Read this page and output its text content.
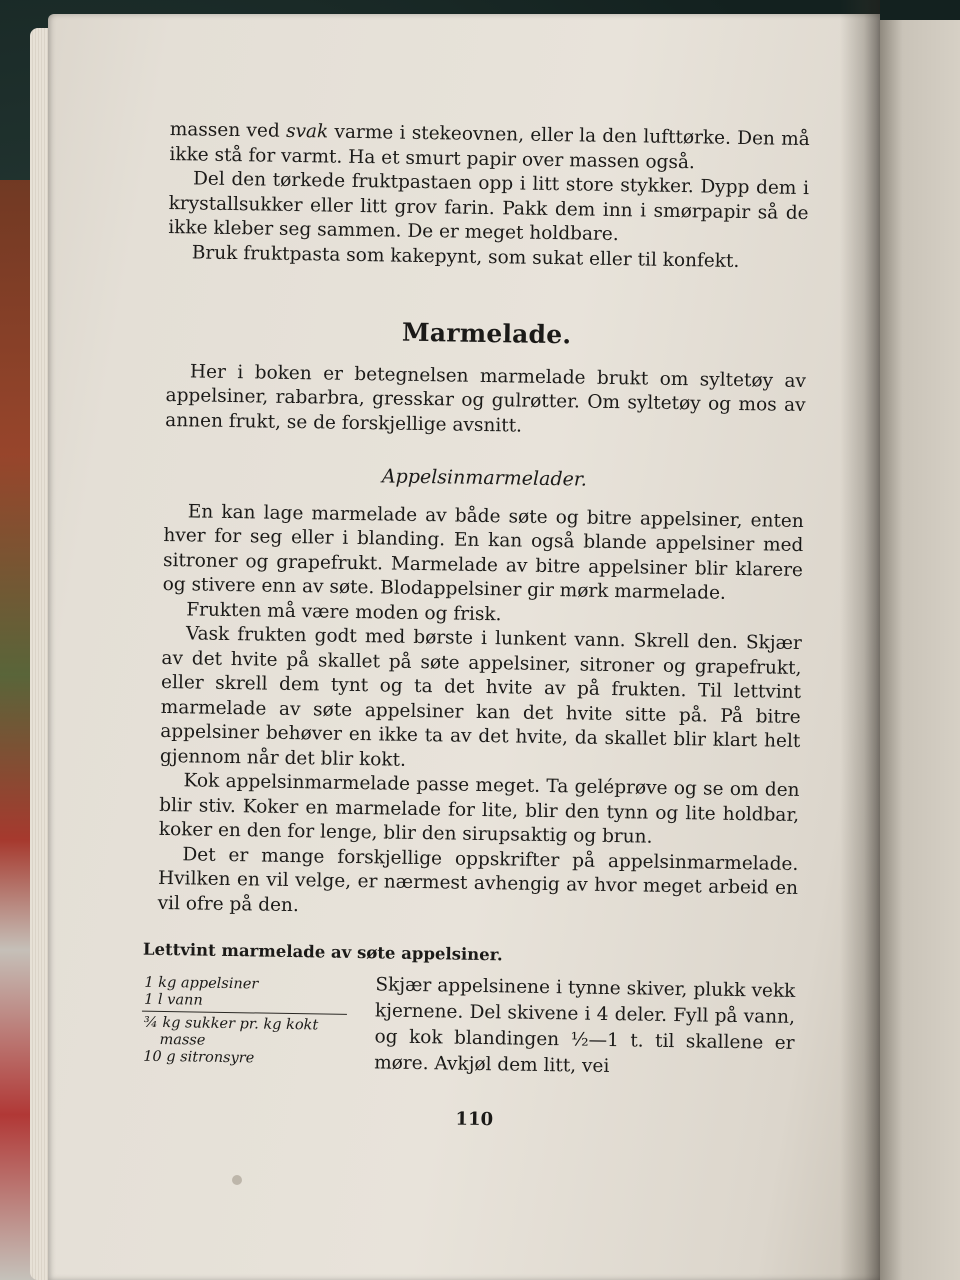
massen ved svak varme i stekeovnen, eller la den lufttørke. Den må ikke stå for varmt. Ha et smurt papir over massen også.

Del den tørkede fruktpastaen opp i litt store stykker. Dypp dem i krystallsukker eller litt grov farin. Pakk dem inn i smørpapir så de ikke kleber seg sammen. De er meget holdbare.

Bruk fruktpasta som kakepynt, som sukat eller til konfekt.

Marmelade.

Her i boken er betegnelsen marmelade brukt om syltetøy av appelsiner, rabarbra, gresskar og gulrøtter. Om syltetøy og mos av annen frukt, se de forskjellige avsnitt.

Appelsinmarmelader.

En kan lage marmelade av både søte og bitre appelsiner, enten hver for seg eller i blanding. En kan også blande appelsiner med sitroner og grapefrukt. Marmelade av bitre appelsiner blir klarere og stivere enn av søte. Blodappelsiner gir mørk marmelade.

Frukten må være moden og frisk.

Vask frukten godt med børste i lunkent vann. Skrell den. Skjær av det hvite på skallet på søte appelsiner, sitroner og grapefrukt, eller skrell dem tynt og ta det hvite av på frukten. Til lettvint marmelade av søte appelsiner kan det hvite sitte på. På bitre appelsiner behøver en ikke ta av det hvite, da skallet blir klart helt gjennom når det blir kokt.

Kok appelsinmarmelade passe meget. Ta geléprøve og se om den blir stiv. Koker en marmelade for lite, blir den tynn og lite holdbar, koker en den for lenge, blir den sirupsaktig og brun.

Det er mange forskjellige oppskrifter på appelsinmarmelade. Hvilken en vil velge, er nærmest avhengig av hvor meget arbeid en vil ofre på den.

Lettvint marmelade av søte appelsiner.
1 kg appelsiner
1 l vann
¾ kg sukker pr. kg kokt
masse
10 g sitronsyre
Skjær appelsinene i tynne skiver, plukk vekk kjernene. Del skivene i 4 deler. Fyll på vann, og kok blandingen ½—1 t. til skallene er møre. Avkjøl dem litt, vei
110
